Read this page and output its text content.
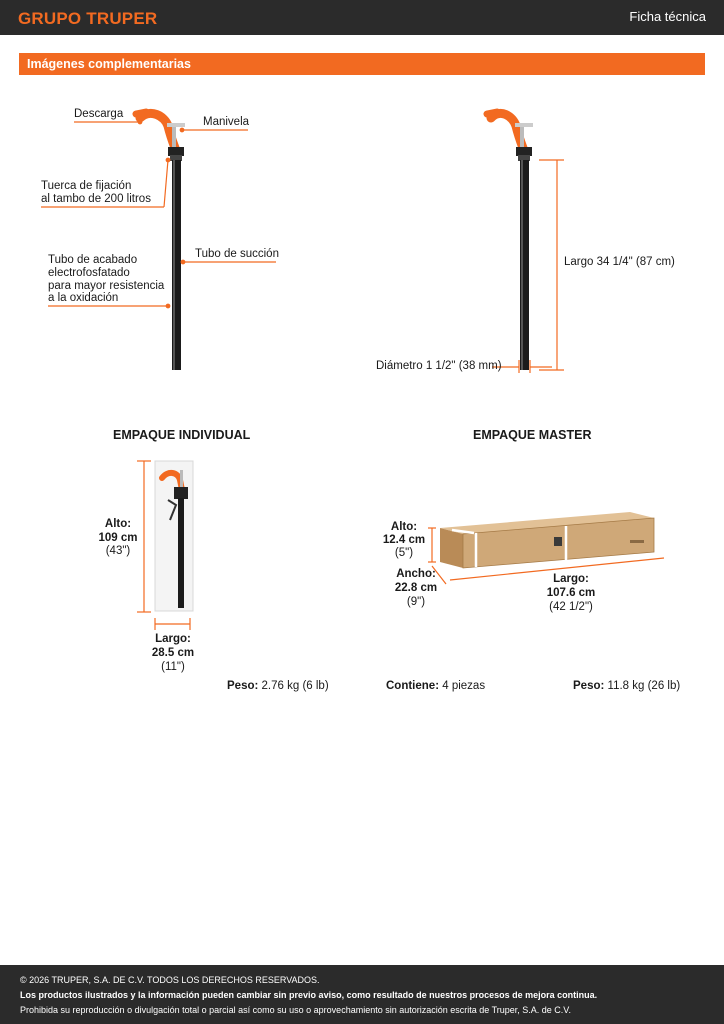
GRUPO TRUPER	Ficha técnica
Imágenes complementarias
Descarga
Manivela
Tuerca de fijación
al tambo de 200 litros
Tubo de succión
Tubo de acabado
electrofosfatado
para mayor resistencia
a la oxidación
Largo 34 1/4" (87 cm)
Diámetro 1 1/2" (38 mm)
EMPAQUE INDIVIDUAL
Alto:
109 cm
(43")
Largo:
28.5 cm
(11")
Peso: 2.76 kg (6 lb)
EMPAQUE MASTER
Alto:
12.4 cm
(5")
Ancho:
22.8 cm
(9")
Largo:
107.6 cm
(42 1/2")
Contiene: 4 piezas	Peso: 11.8 kg (26 lb)
© 2026 TRUPER, S.A. DE C.V. TODOS LOS DERECHOS RESERVADOS.
Los productos ilustrados y la información pueden cambiar sin previo aviso, como resultado de nuestros procesos de mejora continua.
Prohibida su reproducción o divulgación total o parcial así como su uso o aprovechamiento sin autorización escrita de Truper, S.A. de C.V.
